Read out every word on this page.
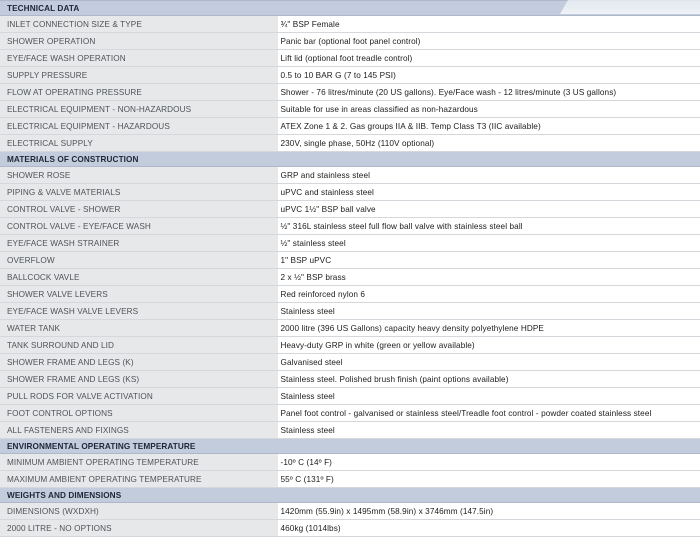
TECHNICAL DATA	
INLET CONNECTION SIZE & TYPE	¾" BSP Female
SHOWER OPERATION	Panic bar (optional foot panel control)
EYE/FACE WASH OPERATION	Lift lid (optional foot treadle control)
SUPPLY PRESSURE	0.5 to 10 BAR G (7 to 145 PSI)
FLOW AT OPERATING PRESSURE	Shower - 76 litres/minute (20 US gallons). Eye/Face wash - 12 litres/minute (3 US gallons)
ELECTRICAL EQUIPMENT - NON-HAZARDOUS	Suitable for use in areas classified as non-hazardous
ELECTRICAL EQUIPMENT - HAZARDOUS	ATEX Zone 1 & 2. Gas groups IIA & IIB. Temp Class T3 (IIC available)
ELECTRICAL SUPPLY	230V, single phase, 50Hz (110V optional)
MATERIALS OF CONSTRUCTION	
SHOWER ROSE	GRP and stainless steel
PIPING & VALVE MATERIALS	uPVC and stainless steel
CONTROL VALVE - SHOWER	uPVC 1½" BSP ball valve
CONTROL VALVE - EYE/FACE WASH	½" 316L stainless steel full flow ball valve with stainless steel ball
EYE/FACE WASH STRAINER	½" stainless steel
OVERFLOW	1" BSP uPVC
BALLCOCK VAVLE	2 x ½" BSP brass
SHOWER VALVE LEVERS	Red reinforced nylon 6
EYE/FACE WASH VALVE LEVERS	Stainless steel
WATER TANK	2000 litre (396 US Gallons) capacity heavy density polyethylene HDPE
TANK SURROUND AND LID	Heavy-duty GRP in white (green or yellow available)
SHOWER FRAME AND LEGS (K)	Galvanised steel
SHOWER FRAME AND LEGS (KS)	Stainless steel. Polished brush finish (paint options available)
PULL RODS FOR VALVE ACTIVATION	Stainless steel
FOOT CONTROL OPTIONS	Panel foot control - galvanised or stainless steel/Treadle foot control - powder coated stainless steel
ALL FASTENERS AND FIXINGS	Stainless steel
ENVIRONMENTAL OPERATING TEMPERATURE	
MINIMUM AMBIENT OPERATING TEMPERATURE	-10º C (14º F)
MAXIMUM AMBIENT OPERATING TEMPERATURE	55º C (131º F)
WEIGHTS AND DIMENSIONS	
DIMENSIONS (WXDXH)	1420mm (55.9in) x 1495mm (58.9in) x 3746mm (147.5in)
2000 LITRE - NO OPTIONS	460kg (1014lbs)
